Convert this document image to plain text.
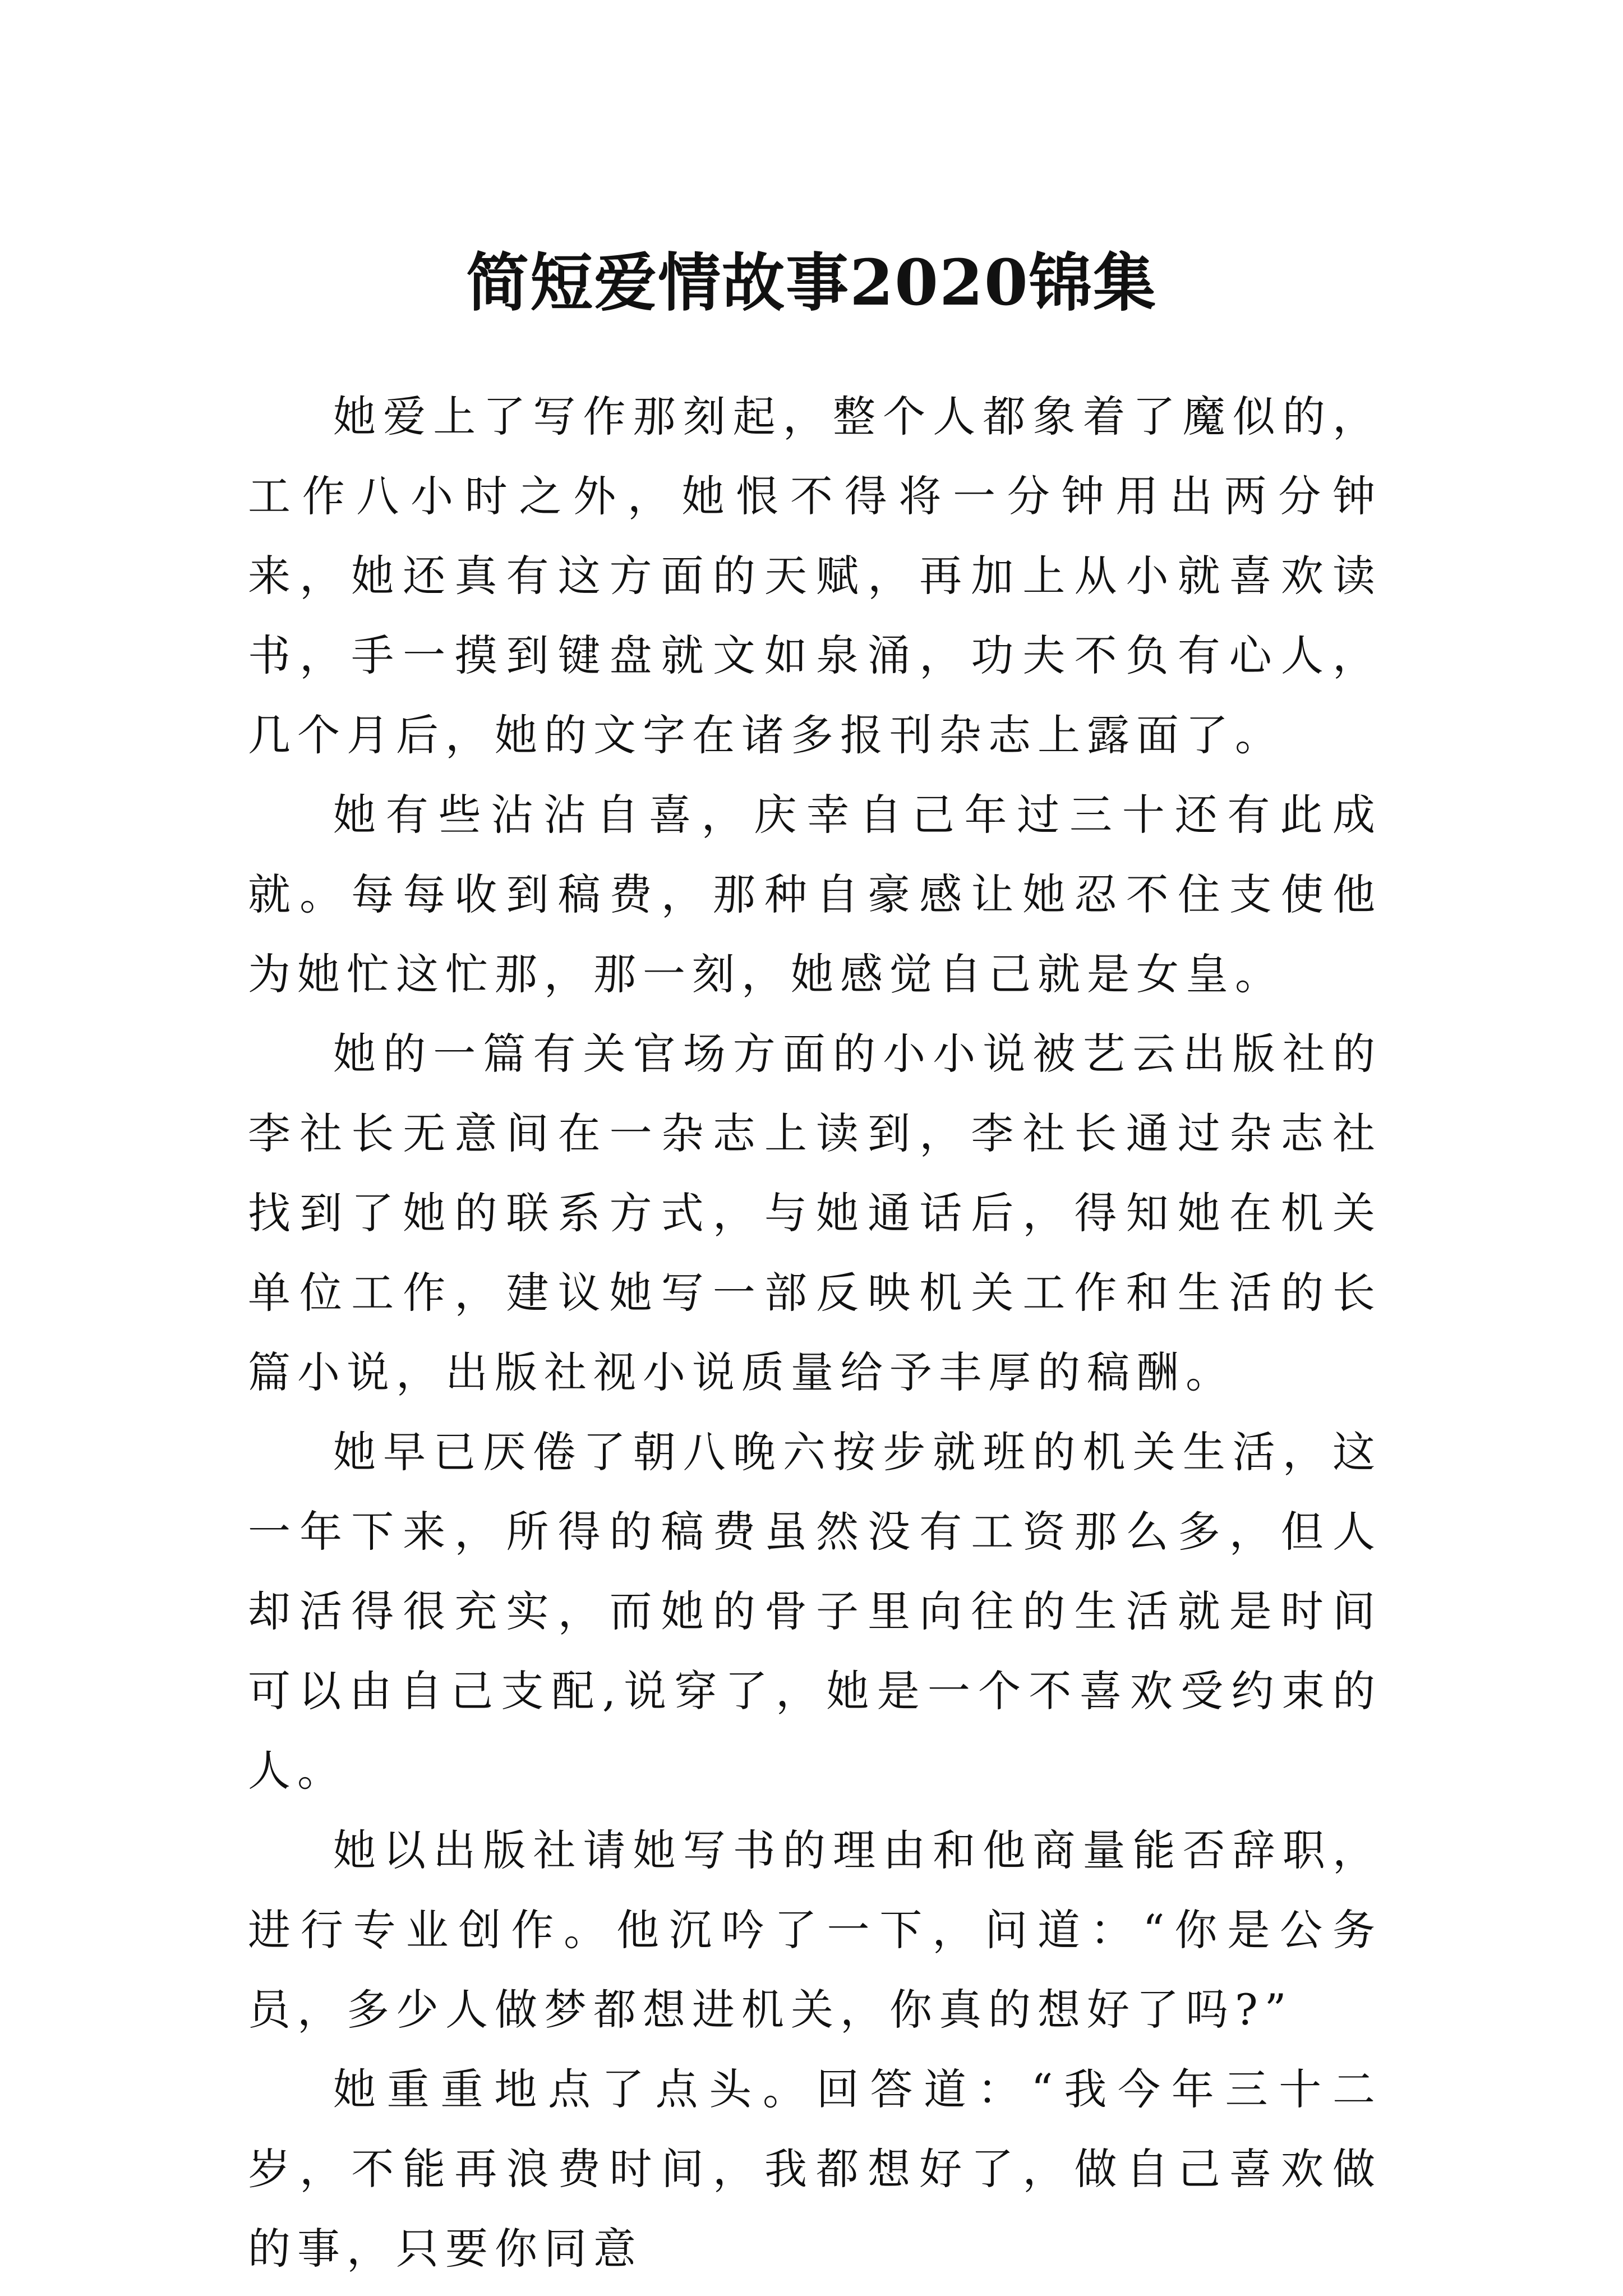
简短爱情故事2020锦集

她爱上了写作那刻起，整个人都象着了魔似的，工作八小时之外，她恨不得将一分钟用出两分钟来，她还真有这方面的天赋，再加上从小就喜欢读书，手一摸到键盘就文如泉涌，功夫不负有心人，几个月后，她的文字在诸多报刊杂志上露面了。

她有些沾沾自喜，庆幸自己年过三十还有此成就。每每收到稿费，那种自豪感让她忍不住支使他为她忙这忙那，那一刻，她感觉自己就是女皇。

她的一篇有关官场方面的小小说被艺云出版社的李社长无意间在一杂志上读到，李社长通过杂志社找到了她的联系方式，与她通话后，得知她在机关单位工作，建议她写一部反映机关工作和生活的长篇小说，出版社视小说质量给予丰厚的稿酬。

她早已厌倦了朝八晚六按步就班的机关生活，这一年下来，所得的稿费虽然没有工资那么多，但人却活得很充实，而她的骨子里向往的生活就是时间可以由自己支配,说穿了，她是一个不喜欢受约束的人。

她以出版社请她写书的理由和他商量能否辞职，进行专业创作。他沉吟了一下，问道：“你是公务员，多少人做梦都想进机关，你真的想好了吗?”

她重重地点了点头。回答道：“我今年三十二岁，不能再浪费时间，我都想好了，做自己喜欢做的事，只要你同意
